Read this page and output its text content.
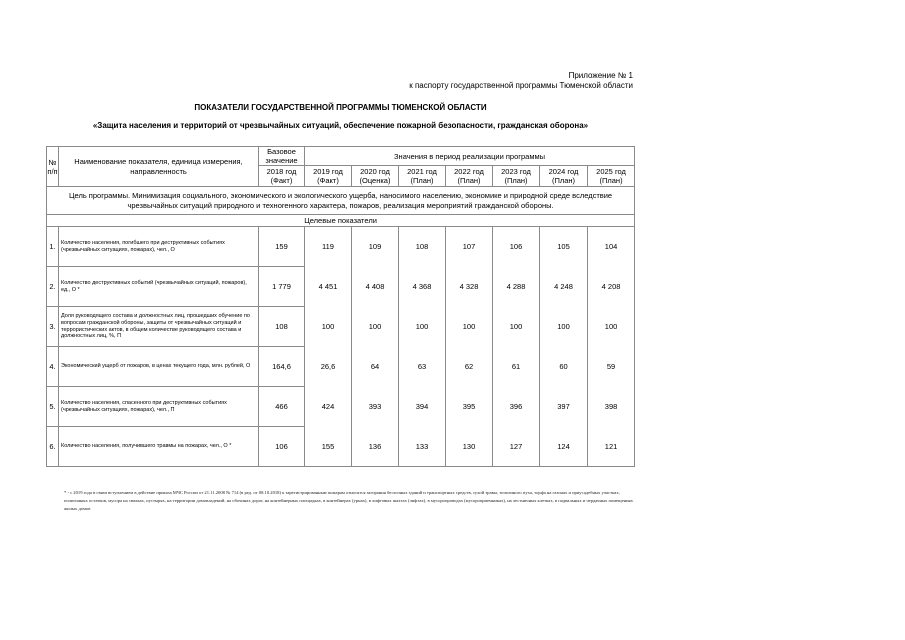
Приложение № 1
к паспорту государственной программы Тюменской области
ПОКАЗАТЕЛИ ГОСУДАРСТВЕННОЙ ПРОГРАММЫ ТЮМЕНСКОЙ ОБЛАСТИ
«Защита населения и территорий от чрезвычайных ситуаций, обеспечение пожарной безопасности, гражданская оборона»
№ п/п	Наименование показателя, единица измерения, направленность	Базовое значение	Значения в период реализации программы						
		2018 год (Факт)	2019 год (Факт)	2020 год (Оценка)	2021 год (План)	2022 год (План)	2023 год (План)	2024 год (План)	2025 год (План)
Цель программы. Минимизация социального, экономического и экологического ущерба, наносимого населению, экономике и природной среде вследствие чрезвычайных ситуаций природного и техногенного характера, пожаров, реализация мероприятий гражданской обороны.									
Целевые показатели									
1.	Количество населения, погибшего при деструктивных событиях (чрезвычайных ситуациях, пожарах), чел., О	159	119	109	108	107	106	105	104
2.	Количество деструктивных событий (чрезвычайных ситуаций, пожаров), ед., О *	1 779	4 451	4 408	4 368	4 328	4 288	4 248	4 208
3.	Доля руководящего состава и должностных лиц, прошедших обучение по вопросам гражданской обороны, защиты от чрезвычайных ситуаций и террористических актов, в общем количестве руководящего состава и должностных лиц, %, П	108	100	100	100	100	100	100	100
4.	Экономический ущерб от пожаров, в ценах текущего года, млн. рублей, О	164,6	26,6	64	63	62	61	60	59
5.	Количество населения, спасенного при деструктивных событиях (чрезвычайных ситуациях, пожарах), чел., П	466	424	393	394	395	396	397	398
6.	Количество населения, получившего травмы на пожарах, чел., О *	106	155	136	133	130	127	124	121
* - с 2019 года в связи вступлением в действие приказа МЧС России от 21.11.2008 № 714 (в ред. от 08.10.2018) к зарегистрированным пожарам относятся загорания бесхозных зданий и транспортных средств, сухой травы, тополиного пуха, торфа на газонах и приусадебных участках, полигонных остатков, мусора на свалках, пустырях, на территории домовладений, на обочинах дорог, на контейнерных площадках, в контейнерах (урнах), в лифтовых шахтах (лифтах), в мусоропроводах (мусороприемниках), на лестничных клетках, в подвальных и чердачных помещениях жилых домов
